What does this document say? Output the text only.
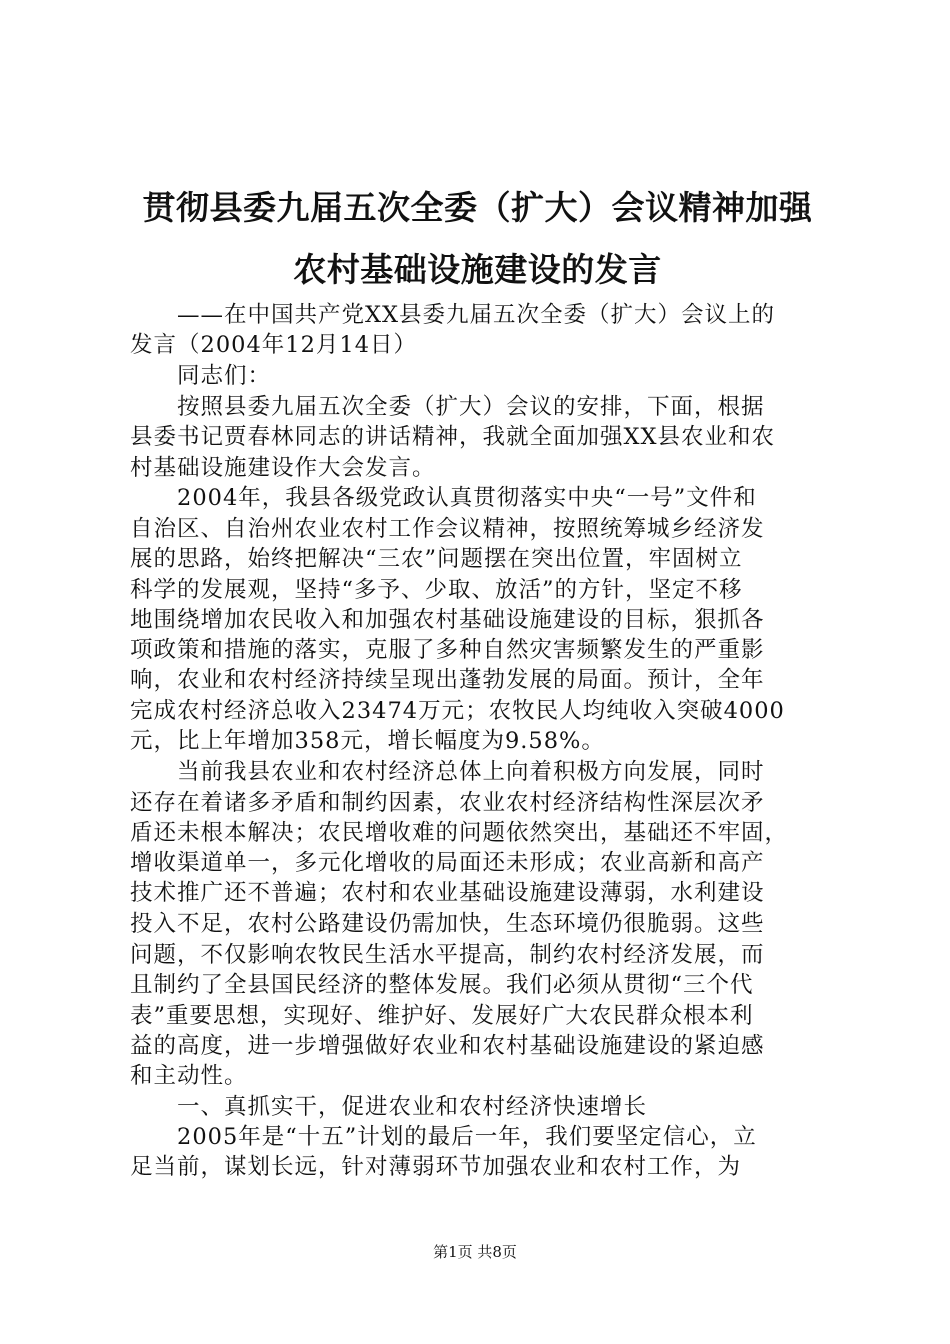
贯彻县委九届五次全委（扩大）会议精神加强
农村基础设施建设的发言
　　——在中国共产党XX县委九届五次全委（扩大）会议上的
发言（2004年12月14日）
　　同志们：
　　按照县委九届五次全委（扩大）会议的安排，下面，根据
县委书记贾春林同志的讲话精神，我就全面加强XX县农业和农
村基础设施建设作大会发言。
　　2004年，我县各级党政认真贯彻落实中央“一号”文件和
自治区、自治州农业农村工作会议精神，按照统筹城乡经济发
展的思路，始终把解决“三农”问题摆在突出位置，牢固树立
科学的发展观，坚持“多予、少取、放活”的方针，坚定不移
地围绕增加农民收入和加强农村基础设施建设的目标，狠抓各
项政策和措施的落实，克服了多种自然灾害频繁发生的严重影
响，农业和农村经济持续呈现出蓬勃发展的局面。预计，全年
完成农村经济总收入23474万元；农牧民人均纯收入突破4000
元，比上年增加358元，增长幅度为9.58%。
　　当前我县农业和农村经济总体上向着积极方向发展，同时
还存在着诸多矛盾和制约因素，农业农村经济结构性深层次矛
盾还未根本解决；农民增收难的问题依然突出，基础还不牢固，
增收渠道单一，多元化增收的局面还未形成；农业高新和高产
技术推广还不普遍；农村和农业基础设施建设薄弱，水利建设
投入不足，农村公路建设仍需加快，生态环境仍很脆弱。这些
问题，不仅影响农牧民生活水平提高，制约农村经济发展，而
且制约了全县国民经济的整体发展。我们必须从贯彻“三个代
表”重要思想，实现好、维护好、发展好广大农民群众根本利
益的高度，进一步增强做好农业和农村基础设施建设的紧迫感
和主动性。
　　一、真抓实干，促进农业和农村经济快速增长
　　2005年是“十五”计划的最后一年，我们要坚定信心，立
足当前，谋划长远，针对薄弱环节加强农业和农村工作，为
第1页 共8页
